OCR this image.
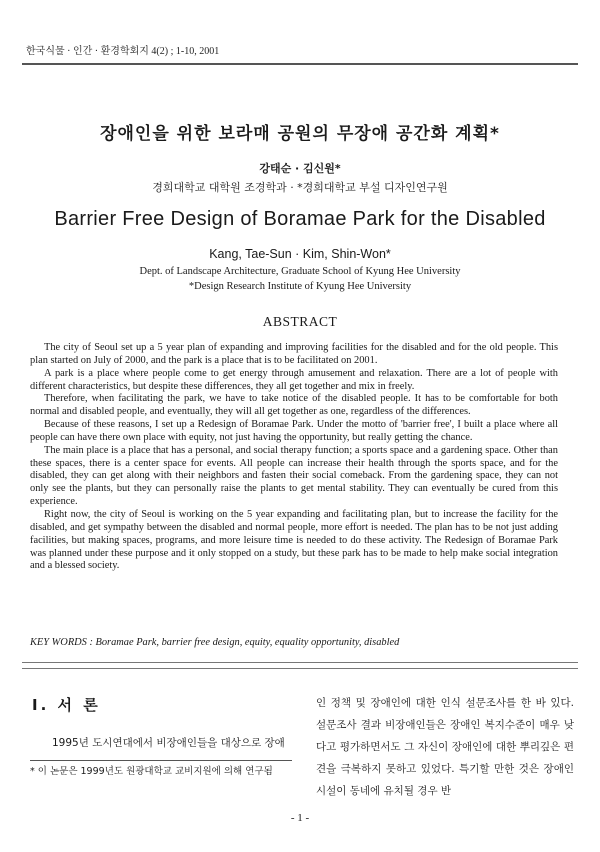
한국식물 · 인간 · 환경학회지 4(2) ; 1-10, 2001
장애인을 위한 보라매 공원의 무장애 공간화 계획*
강태순 · 김신원*
경희대학교 대학원 조경학과 · *경희대학교 부설 디자인연구원
Barrier Free Design of Boramae Park for the Disabled
Kang, Tae-Sun · Kim, Shin-Won*
Dept. of Landscape Architecture, Graduate School of Kyung Hee University
*Design Research Institute of Kyung Hee University
ABSTRACT

The city of Seoul set up a 5 year plan of expanding and improving facilities for the disabled and for the old people. This plan started on July of 2000, and the park is a place that is to be facilitated on 2001.

A park is a place where people come to get energy through amusement and relaxation. There are a lot of people with different characteristics, but despite these differences, they all get together and mix in freely.

Therefore, when facilitating the park, we have to take notice of the disabled people. It has to be comfortable for both normal and disabled people, and eventually, they will all get together as one, regardless of the differences.

Because of these reasons, I set up a Redesign of Boramae Park. Under the motto of 'barrier free', I built a place where all people can have there own place with equity, not just having the opportunity, but really getting the chance.

The main place is a place that has a personal, and social therapy function; a sports space and a gardening space. Other than these spaces, there is a center space for events. All people can increase their health through the sports space, and for the disabled, they can get along with their neighbors and fasten their social comeback. From the gardening space, they can not only see the plants, but they can personally raise the plants to get mental stability. They can eventually be cured from this experience.

Right now, the city of Seoul is working on the 5 year expanding and facilitating plan, but to increase the facility for the disabled, and get sympathy between the disabled and normal people, more effort is needed. The plan has to be not just adding facilities, but making spaces, programs, and more leisure time is needed to do these activity. The Redesign of Boramae Park was planned under these purpose and it only stopped on a study, but these park has to be made to help make social integration and a blessed society.

KEY WORDS : Boramae Park, barrier free design, equity, equality opportunity, disabled
I. 서 론
1995년 도시연대에서 비장애인들을 대상으로 장애
* 이 논문은 1999년도 원광대학교 교비지원에 의해 연구됨
인 정책 및 장애인에 대한 인식 설문조사를 한 바 있다. 설문조사 결과 비장애인들은 장애인 복지수준이 매우 낮다고 평가하면서도 그 자신이 장애인에 대한 뿌리깊은 편견을 극복하지 못하고 있었다. 특기할 만한 것은 장애인 시설이 동네에 유치될 경우 반
- 1 -
